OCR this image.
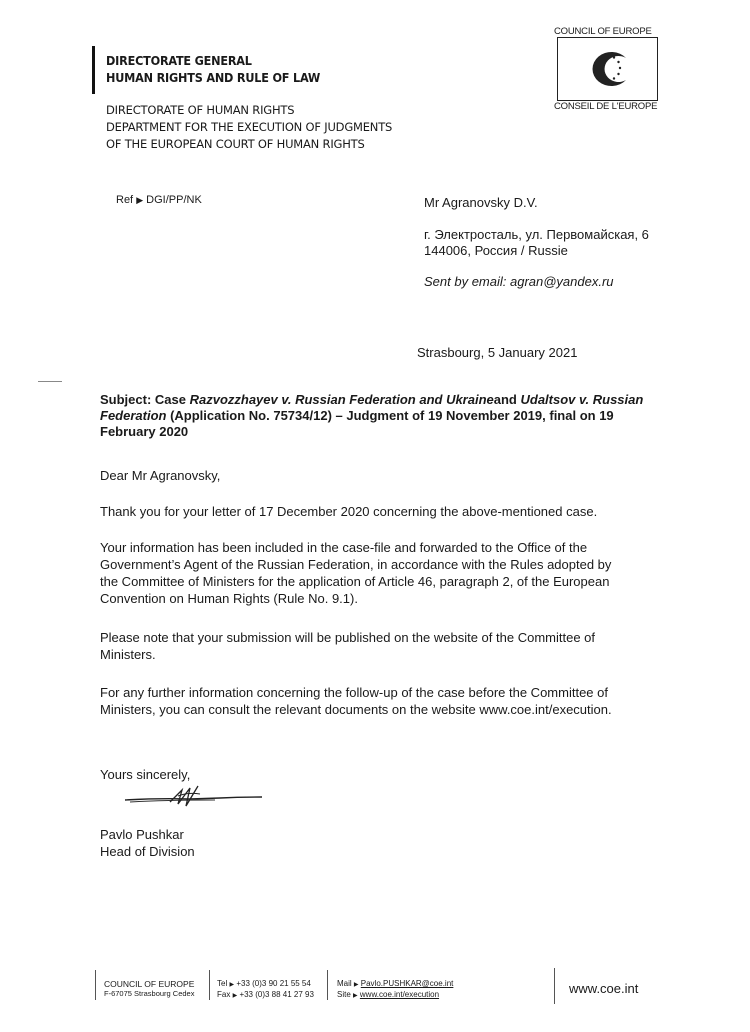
DIRECTORATE GENERAL
HUMAN RIGHTS AND RULE OF LAW
DIRECTORATE OF HUMAN RIGHTS
DEPARTMENT FOR THE EXECUTION OF JUDGMENTS
OF THE EUROPEAN COURT OF HUMAN RIGHTS
COUNCIL OF EUROPE
CONSEIL DE L'EUROPE
Ref ▶ DGI/PP/NK	Mr Agranovsky D.V.
г. Электросталь, ул. Первомайская, 6
144006, Россия / Russie
Sent by email: agran@yandex.ru
Strasbourg, 5 January 2021
Subject: Case Razvozzhayev v. Russian Federation and Ukraineand Udaltsov v. Russian Federation (Application No. 75734/12) – Judgment of 19 November 2019, final on 19 February 2020
Dear Mr Agranovsky,
Thank you for your letter of 17 December 2020 concerning the above-mentioned case.
Your information has been included in the case-file and forwarded to the Office of the
Government’s Agent of the Russian Federation, in accordance with the Rules adopted by
the Committee of Ministers for the application of Article 46, paragraph 2, of the European
Convention on Human Rights (Rule No. 9.1).
Please note that your submission will be published on the website of the Committee of
Ministers.
For any further information concerning the follow-up of the case before the Committee of
Ministers, you can consult the relevant documents on the website www.coe.int/execution.
Yours sincerely,
Pavlo Pushkar
Head of Division
COUNCIL OF EUROPE
F-67075 Strasbourg Cedex
Tel ▶ +33 (0)3 90 21 55 54
Fax ▶ +33 (0)3 88 41 27 93
Mail ▶ Pavlo.PUSHKAR@coe.int
Site ▶ www.coe.int/execution	www.coe.int
